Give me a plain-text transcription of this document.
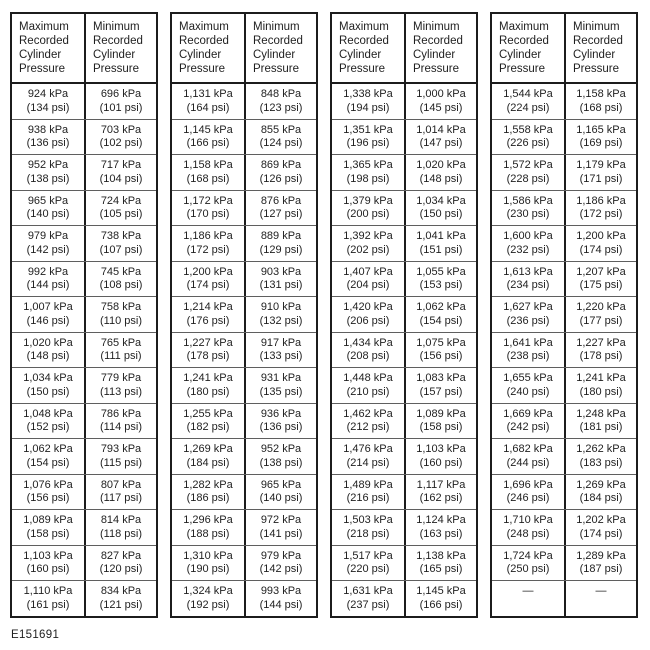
Maximum Recorded Cylinder Pressure
Minimum Recorded Cylinder Pressure
924 kPa
(134 psi)
696 kPa
(101 psi)
938 kPa
(136 psi)
703 kPa
(102 psi)
952 kPa
(138 psi)
717 kPa
(104 psi)
965 kPa
(140 psi)
724 kPa
(105 psi)
979 kPa
(142 psi)
738 kPa
(107 psi)
992 kPa
(144 psi)
745 kPa
(108 psi)
1,007 kPa
(146 psi)
758 kPa
(110 psi)
1,020 kPa
(148 psi)
765 kPa
(111 psi)
1,034 kPa
(150 psi)
779 kPa
(113 psi)
1,048 kPa
(152 psi)
786 kPa
(114 psi)
1,062 kPa
(154 psi)
793 kPa
(115 psi)
1,076 kPa
(156 psi)
807 kPa
(117 psi)
1,089 kPa
(158 psi)
814 kPa
(118 psi)
1,103 kPa
(160 psi)
827 kPa
(120 psi)
1,110 kPa
(161 psi)
834 kPa
(121 psi)
Maximum Recorded Cylinder Pressure
Minimum Recorded Cylinder Pressure
1,131 kPa
(164 psi)
848 kPa
(123 psi)
1,145 kPa
(166 psi)
855 kPa
(124 psi)
1,158 kPa
(168 psi)
869 kPa
(126 psi)
1,172 kPa
(170 psi)
876 kPa
(127 psi)
1,186 kPa
(172 psi)
889 kPa
(129 psi)
1,200 kPa
(174 psi)
903 kPa
(131 psi)
1,214 kPa
(176 psi)
910 kPa
(132 psi)
1,227 kPa
(178 psi)
917 kPa
(133 psi)
1,241 kPa
(180 psi)
931 kPa
(135 psi)
1,255 kPa
(182 psi)
936 kPa
(136 psi)
1,269 kPa
(184 psi)
952 kPa
(138 psi)
1,282 kPa
(186 psi)
965 kPa
(140 psi)
1,296 kPa
(188 psi)
972 kPa
(141 psi)
1,310 kPa
(190 psi)
979 kPa
(142 psi)
1,324 kPa
(192 psi)
993 kPa
(144 psi)
Maximum Recorded Cylinder Pressure
Minimum Recorded Cylinder Pressure
1,338 kPa
(194 psi)
1,000 kPa
(145 psi)
1,351 kPa
(196 psi)
1,014 kPa
(147 psi)
1,365 kPa
(198 psi)
1,020 kPa
(148 psi)
1,379 kPa
(200 psi)
1,034 kPa
(150 psi)
1,392 kPa
(202 psi)
1,041 kPa
(151 psi)
1,407 kPa
(204 psi)
1,055 kPa
(153 psi)
1,420 kPa
(206 psi)
1,062 kPa
(154 psi)
1,434 kPa
(208 psi)
1,075 kPa
(156 psi)
1,448 kPa
(210 psi)
1,083 kPa
(157 psi)
1,462 kPa
(212 psi)
1,089 kPa
(158 psi)
1,476 kPa
(214 psi)
1,103 kPa
(160 psi)
1,489 kPa
(216 psi)
1,117 kPa
(162 psi)
1,503 kPa
(218 psi)
1,124 kPa
(163 psi)
1,517 kPa
(220 psi)
1,138 kPa
(165 psi)
1,631 kPa
(237 psi)
1,145 kPa
(166 psi)
Maximum Recorded Cylinder Pressure
Minimum Recorded Cylinder Pressure
1,544 kPa
(224 psi)
1,158 kPa
(168 psi)
1,558 kPa
(226 psi)
1,165 kPa
(169 psi)
1,572 kPa
(228 psi)
1,179 kPa
(171 psi)
1,586 kPa
(230 psi)
1,186 kPa
(172 psi)
1,600 kPa
(232 psi)
1,200 kPa
(174 psi)
1,613 kPa
(234 psi)
1,207 kPa
(175 psi)
1,627 kPa
(236 psi)
1,220 kPa
(177 psi)
1,641 kPa
(238 psi)
1,227 kPa
(178 psi)
1,655 kPa
(240 psi)
1,241 kPa
(180 psi)
1,669 kPa
(242 psi)
1,248 kPa
(181 psi)
1,682 kPa
(244 psi)
1,262 kPa
(183 psi)
1,696 kPa
(246 psi)
1,269 kPa
(184 psi)
1,710 kPa
(248 psi)
1,202 kPa
(174 psi)
1,724 kPa
(250 psi)
1,289 kPa
(187 psi)
—	—
E151691
